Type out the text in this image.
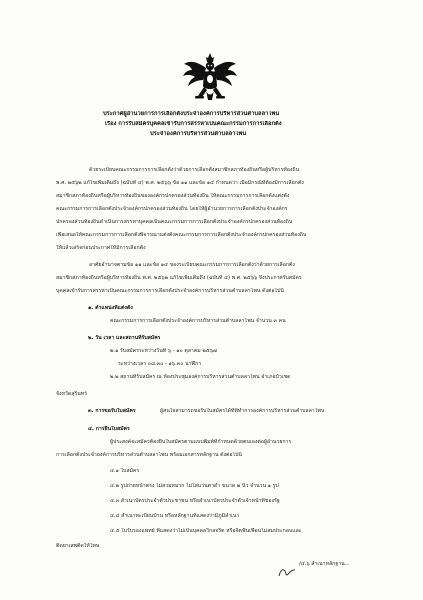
ประกาศผู้อำนวยการการเลือกตั้งประจำองค์การบริหารส่วนตำบลลาโพน
เรื่อง การรับสมัครบุคคลเข้ารับการสรรหาเป็นคณะกรรมการการเลือกตั้ง
ประจำองค์การบริหารส่วนตำบลลาโพน
ด้วยระเบียบคณะกรรมการการเลือกตั้งว่าด้วยการเลือกตั้งสมาชิกสภาท้องถิ่นหรือผู้บริหารท้องถิ่น
พ.ศ. ๒๕๖๒ แก้ไขเพิ่มเติมถึง (ฉบับที่ ๔) พ.ศ. ๒๕๖๖ ข้อ ๑๑ และข้อ ๑๔ กำหนดว่า เมื่อมีกรณีที่ต้องมีการเลือกตั้ง
สมาชิกสภาท้องถิ่นหรือผู้บริหารท้องถิ่นขององค์กรปกครองส่วนท้องถิ่น ให้คณะกรรมการการเลือกตั้งแต่งตั้ง
คณะกรรมการการเลือกตั้งประจำองค์กรปกครองส่วนท้องถิ่น โดยให้ผู้อำนวยการการเลือกตั้งประจำองค์กร
ปกครองส่วนท้องถิ่นดำเนินการสรรหาบุคคลเป็นคณะกรรมการการเลือกตั้งประจำองค์กรปกครองส่วนท้องถิ่น
เพื่อเสนอให้คณะกรรมการการเลือกตั้งพิจารณาแต่งตั้งคณะกรรมการการเลือกตั้งประจำองค์กรปกครองส่วนท้องถิ่น
ให้แล้วเสร็จก่อนประกาศให้มีการเลือกตั้ง
อาศัยอำนาจตามข้อ ๑๑ และข้อ ๑๔ ของระเบียบคณะกรรมการการเลือกตั้งว่าด้วยการเลือกตั้ง
สมาชิกสภาท้องถิ่นหรือผู้บริหารท้องถิ่น พ.ศ. ๒๕๖๒ แก้ไขเพิ่มเติมถึง (ฉบับที่ ๔) พ.ศ. ๒๕๖๖ จึงประกาศรับสมัคร
บุคคลเข้ารับการสรรหาเป็นคณะกรรมการการเลือกตั้งประจำองค์การบริหารส่วนตำบลลาโพน ดังต่อไปนี้
๑. ตำแหน่งที่แต่งตั้ง
คณะกรรมการการเลือกตั้งประจำองค์การบริหารส่วนตำบลลาโพน จำนวน ๓ คน
๒. วัน เวลา และสถานที่รับสมัคร
๒.๑ รับสมัครระหว่างวันที่ ๖ - ๑๐ ตุลาคม ๒๕๖๗
ระหว่างเวลา ๐๘.๓๐ - ๑๖.๓๐ นาฬิกา
๒.๒ สถานที่รับสมัคร ณ ห้องประชุมองค์การบริหารส่วนตำบลลาโพน อำเภอบัวเชด
จังหวัดสุรินทร์
๓. การขอรับใบสมัคร	ผู้สนใจสามารถขอรับใบสมัครได้ที่ที่ทำการองค์การบริหารส่วนตำบลลาโพน
๔. การยื่นใบสมัคร
ผู้ประสงค์จะสมัครต้องยื่นใบสมัครตามแบบพิมพ์ที่กำหนดด้วยตนเองต่อผู้อำนวยการ
การเลือกตั้งประจำองค์การบริหารส่วนตำบลลาโพน พร้อมเอกสารหลักฐาน ดังต่อไปนี้
๔.๑ ใบสมัคร
๔.๒ รูปถ่ายหน้าตรง ไม่สวมหมวก ไม่ใส่แว่นตาดำ ขนาด ๒ นิ้ว จำนวน ๑ รูป
๔.๓ สำเนาบัตรประจำตัวประชาชน หรือสำเนาบัตรประจำตัวเจ้าหน้าที่ของรัฐ
๔.๔ สำเนาทะเบียนบ้าน หรือหลักฐานที่แสดงว่ามีภูมิลำเนา
๔.๕ ใบรับรองแพทย์ ที่แสดงว่าไม่เป็นบุคคลวิกลจริต หรือจิตฟั่นเฟือนไม่สมประกอบและ
ติดยาเสพติดให้โทษ
/๔.๖ สำเนาหลักฐาน...
